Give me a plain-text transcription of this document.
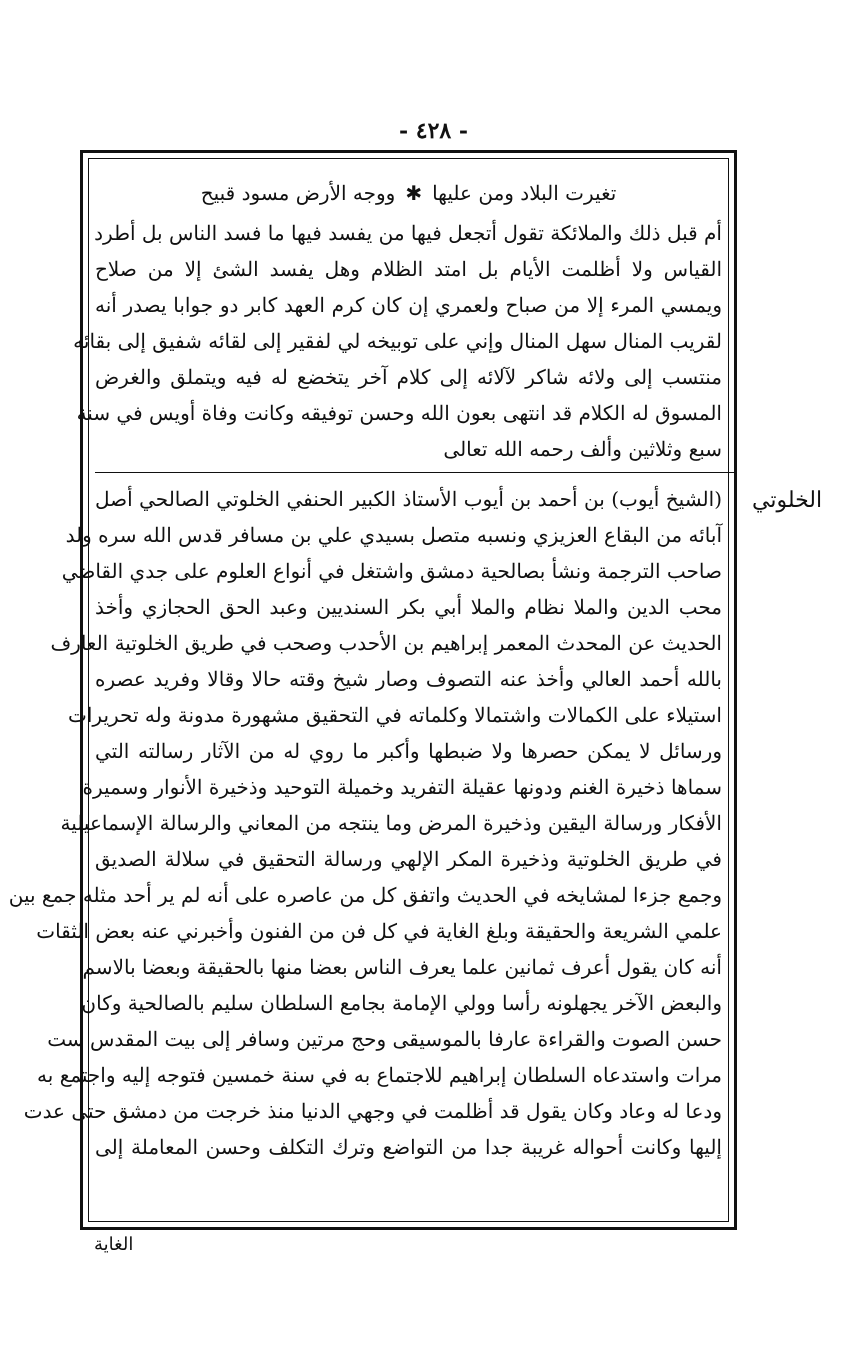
- ٤٢٨ -
تغيرت البلاد ومن عليها✱ووجه الأرض مسود قبيح
أم قبل ذلك والملائكة تقول أتجعل فيها من يفسد فيها ما فسد الناس بل أطرد
القياس ولا أظلمت الأيام بل امتد الظلام وهل يفسد الشئ إلا من صلاح
ويمسي المرء إلا من صباح ولعمري إن كان كرم العهد كابر دو جوابا يصدر أنه
لقريب المنال سهل المنال وإني على توبيخه لي لفقير إلى لقائه شفيق إلى بقائه
منتسب إلى ولائه شاكر لآلائه إلى كلام آخر يتخضع له فيه ويتملق والغرض
المسوق له الكلام قد انتهى بعون الله وحسن توفيقه وكانت وفاة أويس في سنة
سبع وثلاثين وألف رحمه الله تعالى
(الشيخ أيوب) بن أحمد بن أيوب الأستاذ الكبير الحنفي الخلوتي الصالحي أصل
آبائه من البقاع العزيزي ونسبه متصل بسيدي علي بن مسافر قدس الله سره ولد
صاحب الترجمة ونشأ بصالحية دمشق واشتغل في أنواع العلوم على جدي القاضي
محب الدين والملا نظام والملا أبي بكر السنديين وعبد الحق الحجازي وأخذ
الحديث عن المحدث المعمر إبراهيم بن الأحدب وصحب في طريق الخلوتية العارف
بالله أحمد العالي وأخذ عنه التصوف وصار شيخ وقته حالا وقالا وفريد عصره
استيلاء على الكمالات واشتمالا وكلماته في التحقيق مشهورة مدونة وله تحريرات
ورسائل لا يمكن حصرها ولا ضبطها وأكبر ما روي له من الآثار رسالته التي
سماها ذخيرة الغنم ودونها عقيلة التفريد وخميلة التوحيد وذخيرة الأنوار وسميرة
الأفكار ورسالة اليقين وذخيرة المرض وما ينتجه من المعاني والرسالة الإسماعيلية
في طريق الخلوتية وذخيرة المكر الإلهي ورسالة التحقيق في سلالة الصديق
وجمع جزءا لمشايخه في الحديث واتفق كل من عاصره على أنه لم ير أحد مثله جمع بين
علمي الشريعة والحقيقة وبلغ الغاية في كل فن من الفنون وأخبرني عنه بعض الثقات
أنه كان يقول أعرف ثمانين علما يعرف الناس بعضا منها بالحقيقة وبعضا بالاسم
والبعض الآخر يجهلونه رأسا وولي الإمامة بجامع السلطان سليم بالصالحية وكان
حسن الصوت والقراءة عارفا بالموسيقى وحج مرتين وسافر إلى بيت المقدس ست
مرات واستدعاه السلطان إبراهيم للاجتماع به في سنة خمسين فتوجه إليه واجتمع به
ودعا له وعاد وكان يقول قد أظلمت في وجهي الدنيا منذ خرجت من دمشق حتى عدت
إليها وكانت أحواله غريبة جدا من التواضع وترك التكلف وحسن المعاملة إلى
الخلوتي
الغاية
